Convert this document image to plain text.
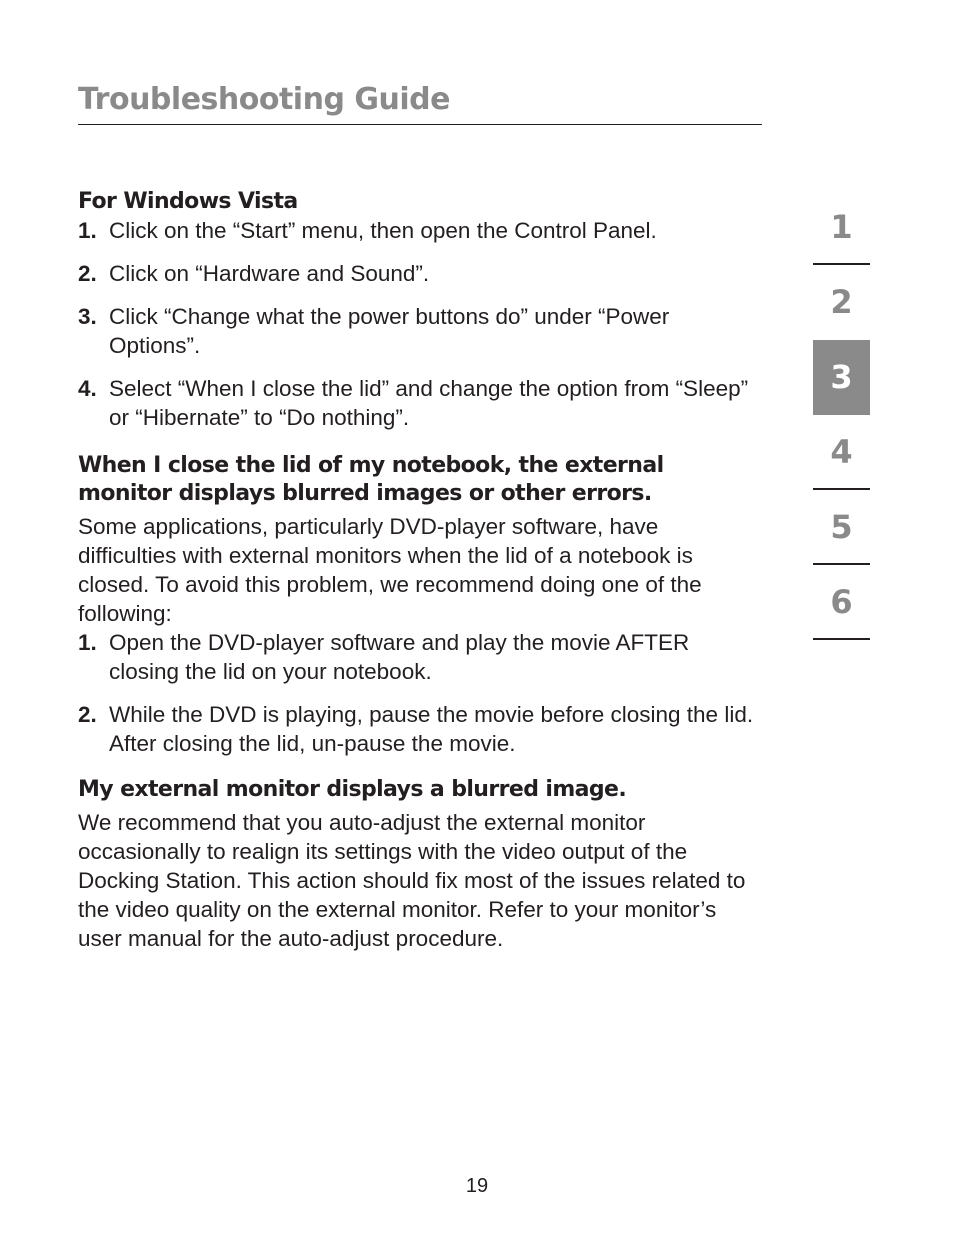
Troubleshooting Guide
For Windows Vista
1. Click on the “Start” menu, then open the Control Panel.
2. Click on “Hardware and Sound”.
3. Click “Change what the power buttons do” under “Power Options”.
4. Select “When I close the lid” and change the option from “Sleep” or “Hibernate” to “Do nothing”.
When I close the lid of my notebook, the external monitor displays blurred images or other errors.

Some applications, particularly DVD-player software, have difficulties with external monitors when the lid of a notebook is closed. To avoid this problem, we recommend doing one of the following:

1. Open the DVD-player software and play the movie AFTER closing the lid on your notebook.
2. While the DVD is playing, pause the movie before closing the lid. After closing the lid, un-pause the movie.
My external monitor displays a blurred image.

We recommend that you auto-adjust the external monitor occasionally to realign its settings with the video output of the Docking Station. This action should fix most of the issues related to the video quality on the external monitor. Refer to your monitor’s user manual for the auto-adjust procedure.

1
2
3
4
5
6
19
